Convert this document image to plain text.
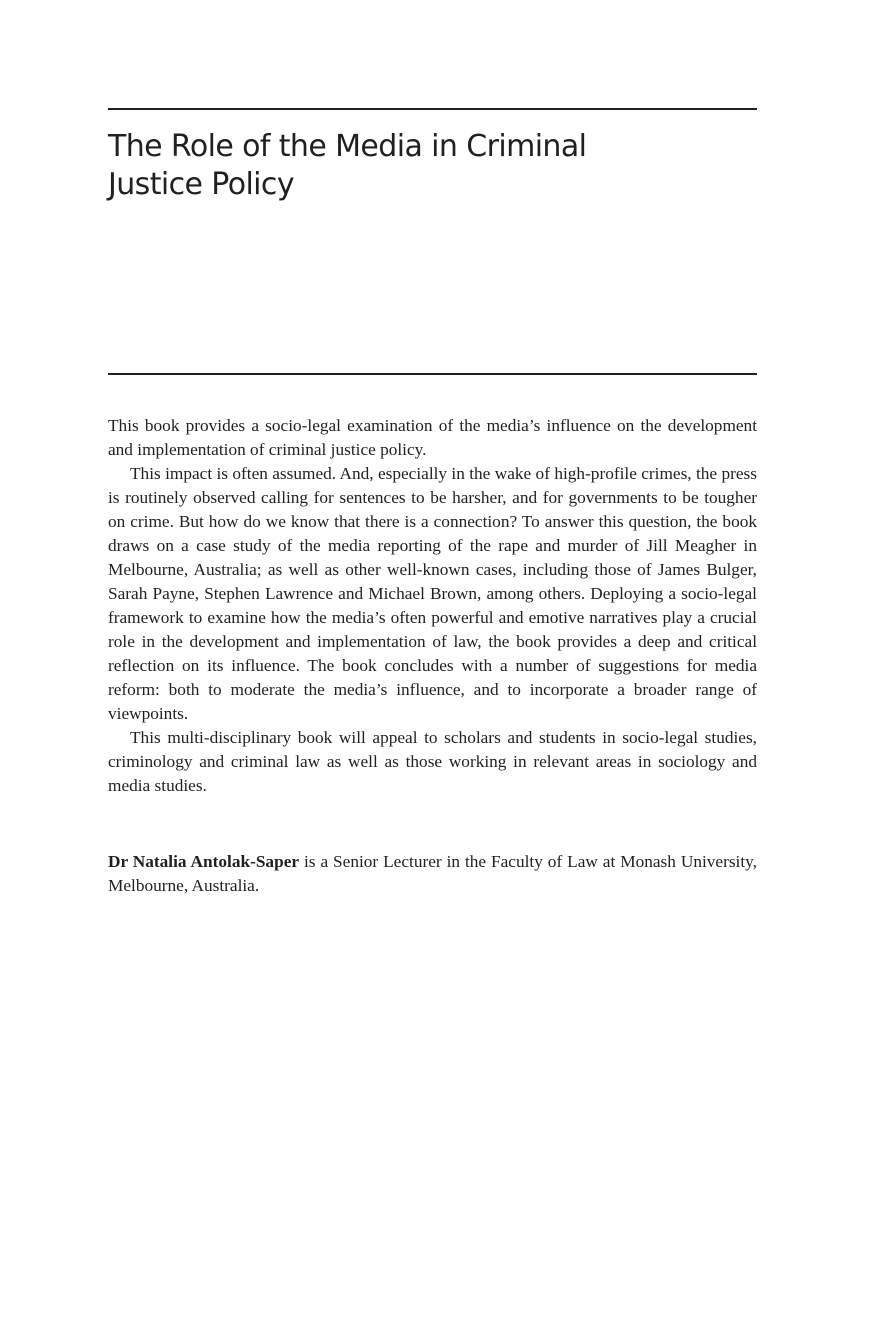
The Role of the Media in Criminal
Justice Policy

This book provides a socio-legal examination of the media’s influence on the development and implementation of criminal justice policy.

This impact is often assumed. And, especially in the wake of high-profile crimes, the press is routinely observed calling for sentences to be harsher, and for governments to be tougher on crime. But how do we know that there is a connection? To answer this question, the book draws on a case study of the media reporting of the rape and murder of Jill Meagher in Melbourne, Australia; as well as other well-known cases, including those of James Bulger, Sarah Payne, Stephen Lawrence and Michael Brown, among others. Deploying a socio-legal framework to examine how the media’s often powerful and emotive narratives play a crucial role in the development and implementation of law, the book provides a deep and critical reflection on its influence. The book concludes with a number of suggestions for media reform: both to moderate the media’s influence, and to incorporate a broader range of viewpoints.

This multi-disciplinary book will appeal to scholars and students in socio-legal studies, criminology and criminal law as well as those working in relevant areas in sociology and media studies.

Dr Natalia Antolak-Saper is a Senior Lecturer in the Faculty of Law at Monash University, Melbourne, Australia.
